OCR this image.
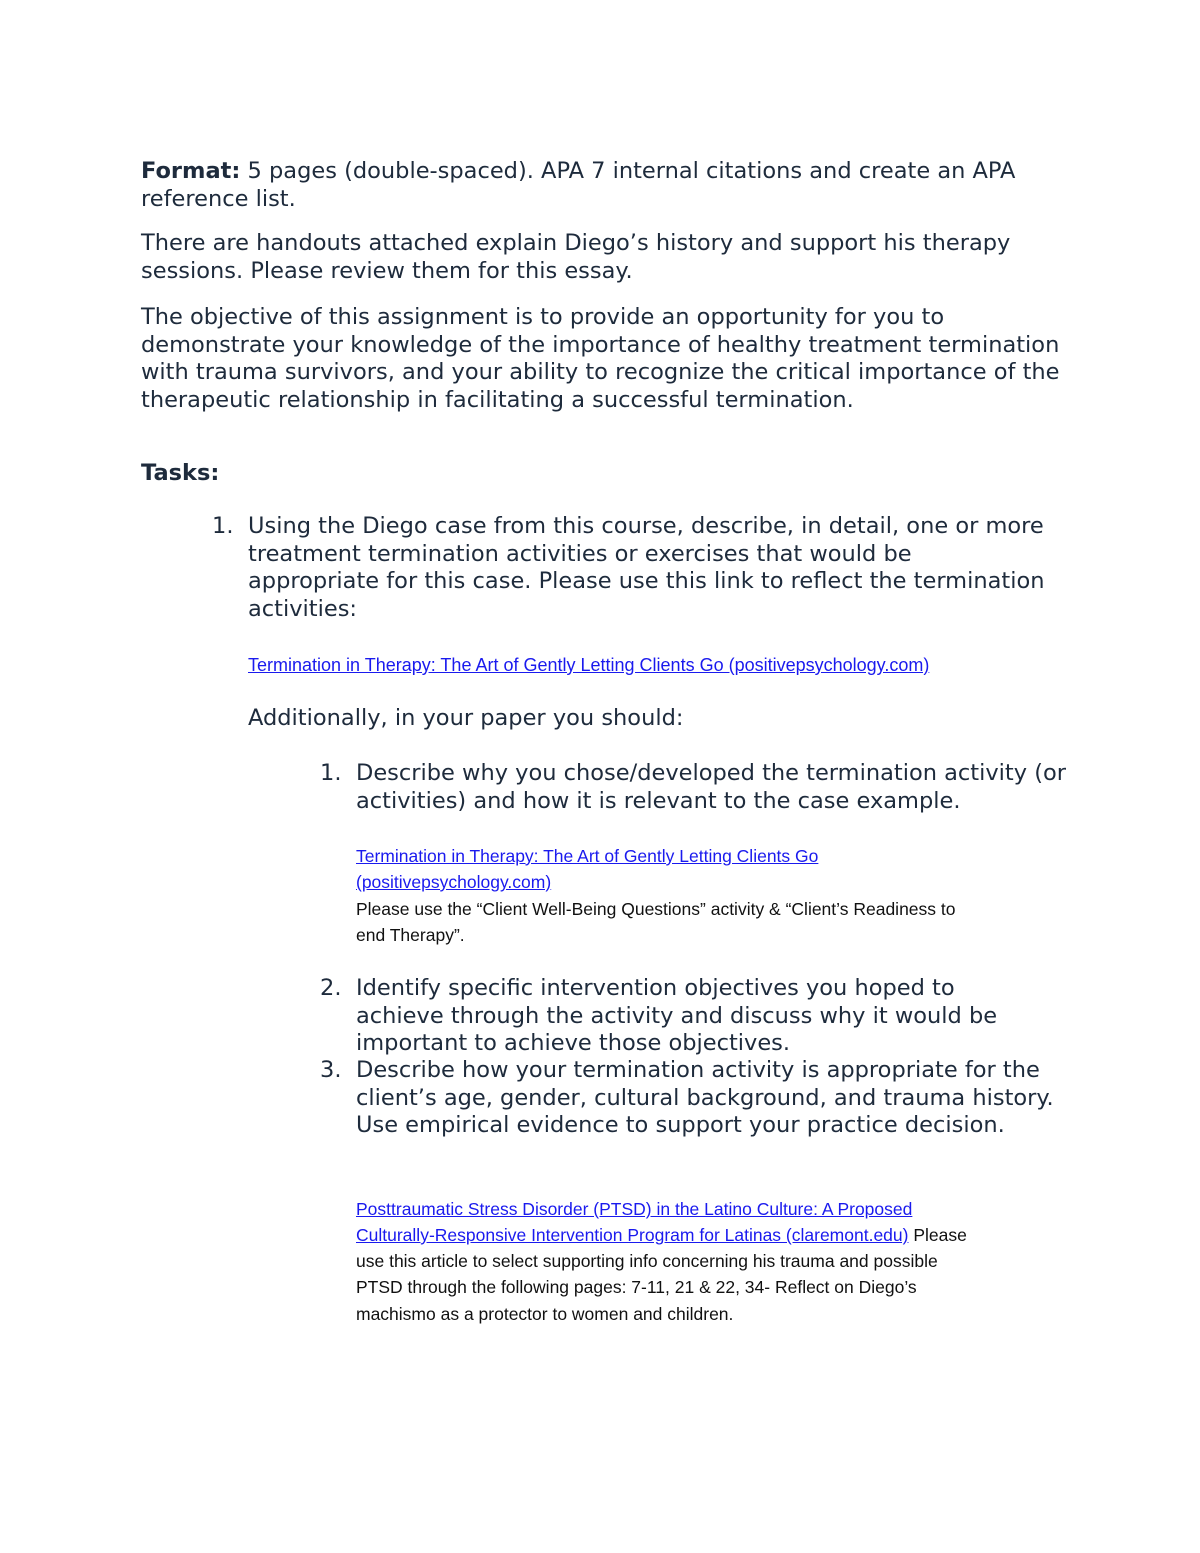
Format: 5 pages (double-spaced). APA 7 internal citations and create an APA reference list.

There are handouts attached explain Diego’s history and support his therapy sessions. Please review them for this essay.

The objective of this assignment is to provide an opportunity for you to demonstrate your knowledge of the importance of healthy treatment termination with trauma survivors, and your ability to recognize the critical importance of the therapeutic relationship in facilitating a successful termination.

Tasks:

1. Using the Diego case from this course, describe, in detail, one or more treatment termination activities or exercises that would be appropriate for this case. Please use this link to reflect the termination activities:

Termination in Therapy: The Art of Gently Letting Clients Go (positivepsychology.com)

Additionally, in your paper you should:

1. Describe why you chose/developed the termination activity (or activities) and how it is relevant to the case example.

Termination in Therapy: The Art of Gently Letting Clients Go

(positivepsychology.com)

Please use the “Client Well-Being Questions” activity & “Client’s Readiness to

end Therapy”.

2. Identify specific intervention objectives you hoped to achieve through the activity and discuss why it would be important to achieve those objectives.

3. Describe how your termination activity is appropriate for the client’s age, gender, cultural background, and trauma history. Use empirical evidence to support your practice decision.

Posttraumatic Stress Disorder (PTSD) in the Latino Culture: A Proposed

Culturally-Responsive Intervention Program for Latinas (claremont.edu) Please

use this article to select supporting info concerning his trauma and possible

PTSD through the following pages: 7-11, 21 & 22, 34- Reflect on Diego’s

machismo as a protector to women and children.
